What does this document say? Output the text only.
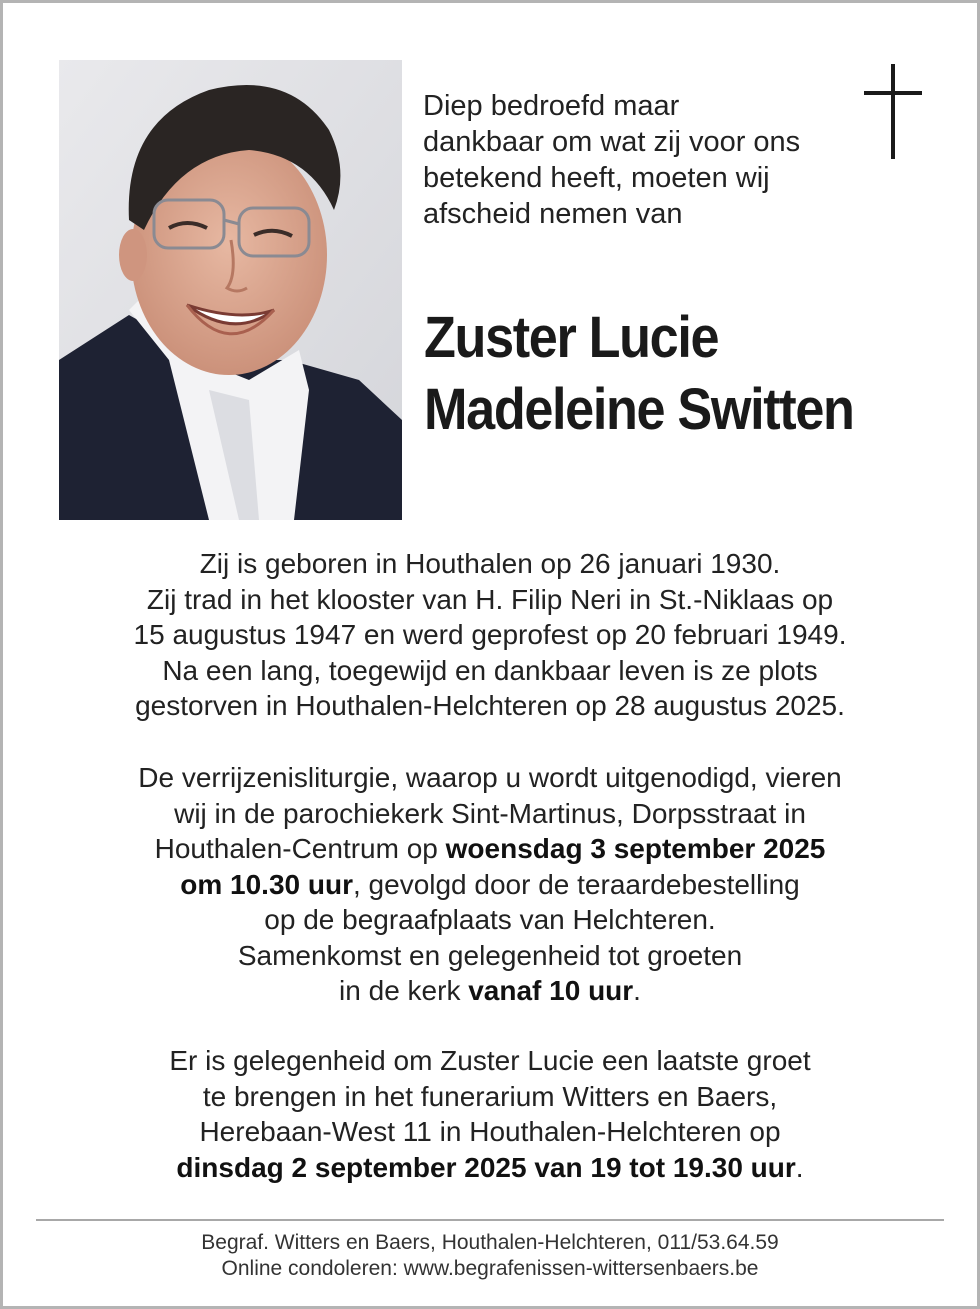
Diep bedroefd maar

dankbaar om wat zij voor ons

betekend heeft, moeten wij

afscheid nemen van

Zuster Lucie
Madeleine Switten

Zij is geboren in Houthalen op 26 januari 1930.

Zij trad in het klooster van H. Filip Neri in St.-Niklaas op

15 augustus 1947 en werd geprofest op 20 februari 1949.

Na een lang, toegewijd en dankbaar leven is ze plots

gestorven in Houthalen-Helchteren op 28 augustus 2025.

De verrijzenisliturgie, waarop u wordt uitgenodigd, vieren

wij in de parochiekerk Sint-Martinus, Dorpsstraat in

Houthalen-Centrum op woensdag 3 september 2025

om 10.30 uur, gevolgd door de teraardebestelling

op de begraafplaats van Helchteren.

Samenkomst en gelegenheid tot groeten

in de kerk vanaf 10 uur.

Er is gelegenheid om Zuster Lucie een laatste groet

te brengen in het funerarium Witters en Baers,

Herebaan-West 11 in Houthalen-Helchteren op

dinsdag 2 september 2025 van 19 tot 19.30 uur.

Begraf. Witters en Baers, Houthalen-Helchteren, 011/53.64.59
Online condoleren: www.begrafenissen-wittersenbaers.be
